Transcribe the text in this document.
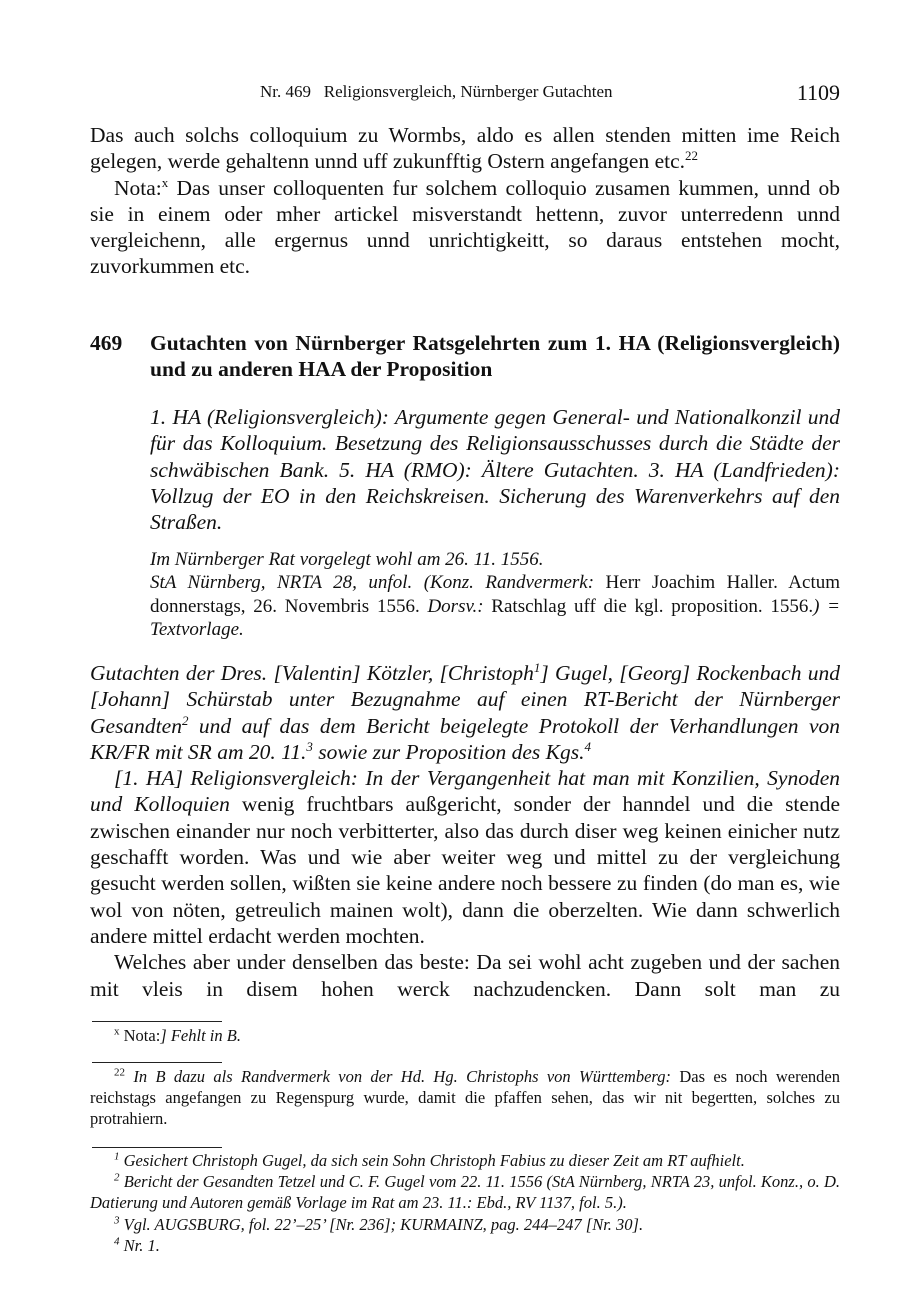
Nr. 469   Religionsvergleich, Nürnberger Gutachten	1109

Das auch solchs colloquium zu Wormbs, aldo es allen stenden mitten ime Reich gelegen, werde gehaltenn unnd uff zukunfftig Ostern angefangen etc.$^{22}$

Nota:$^x$ Das unser colloquenten fur solchem colloquio zusamen kummen, unnd ob sie in einem oder mher artickel misverstandt hettenn, zuvor unterredenn unnd vergleichenn, alle ergernus unnd unrichtigkeitt, so daraus entstehen mocht, zuvorkummen etc.

469 Gutachten von Nürnberger Ratsgelehrten zum 1. HA (Religionsvergleich) und zu anderen HAA der Proposition

1. HA (Religionsvergleich): Argumente gegen General- und Nationalkonzil und für das Kolloquium. Besetzung des Religionsausschusses durch die Städte der schwäbischen Bank. 5. HA (RMO): Ältere Gutachten. 3. HA (Landfrieden): Vollzug der EO in den Reichskreisen. Sicherung des Warenverkehrs auf den Straßen.

Im Nürnberger Rat vorgelegt wohl am 26. 11. 1556.

StA Nürnberg, NRTA 28, unfol. (Konz. Randvermerk: Herr Joachim Haller. Actum donnerstags, 26. Novembris 1556. Dorsv.: Ratschlag uff die kgl. proposition. 1556.) = Textvorlage.

Gutachten der Dres. [Valentin] Kötzler, [Christoph$^1$] Gugel, [Georg] Rockenbach und [Johann] Schürstab unter Bezugnahme auf einen RT-Bericht der Nürnberger Gesandten$^2$ und auf das dem Bericht beigelegte Protokoll der Verhandlungen von KR/FR mit SR am 20. 11.$^3$ sowie zur Proposition des Kgs.$^4$

[1. HA] Religionsvergleich: In der Vergangenheit hat man mit Konzilien, Synoden und Kolloquien wenig fruchtbars außgericht, sonder der hanndel und die stende zwischen einander nur noch verbitterter, also das durch diser weg keinen einicher nutz geschafft worden. Was und wie aber weiter weg und mittel zu der vergleichung gesucht werden sollen, wißten sie keine andere noch bessere zu finden (do man es, wie wol von nöten, getreulich mainen wolt), dann die oberzelten. Wie dann schwerlich andere mittel erdacht werden mochten.

Welches aber under denselben das beste: Da sei wohl acht zugeben und der sachen mit vleis in disem hohen werck nachzudencken. Dann solt man zu

$^x$ Nota:] Fehlt in B.

$^{22}$ In B dazu als Randvermerk von der Hd. Hg. Christophs von Württemberg: Das es noch werenden reichstags angefangen zu Regenspurg wurde, damit die pfaffen sehen, das wir nit begertten, solches zu protrahiern.

$^1$ Gesichert Christoph Gugel, da sich sein Sohn Christoph Fabius zu dieser Zeit am RT aufhielt.

$^2$ Bericht der Gesandten Tetzel und C. F. Gugel vom 22. 11. 1556 (StA Nürnberg, NRTA 23, unfol. Konz., o. D. Datierung und Autoren gemäß Vorlage im Rat am 23. 11.: Ebd., RV 1137, fol. 5.).

$^3$ Vgl. AUGSBURG, fol. 22’–25’ [Nr. 236]; KURMAINZ, pag. 244–247 [Nr. 30].

$^4$ Nr. 1.
